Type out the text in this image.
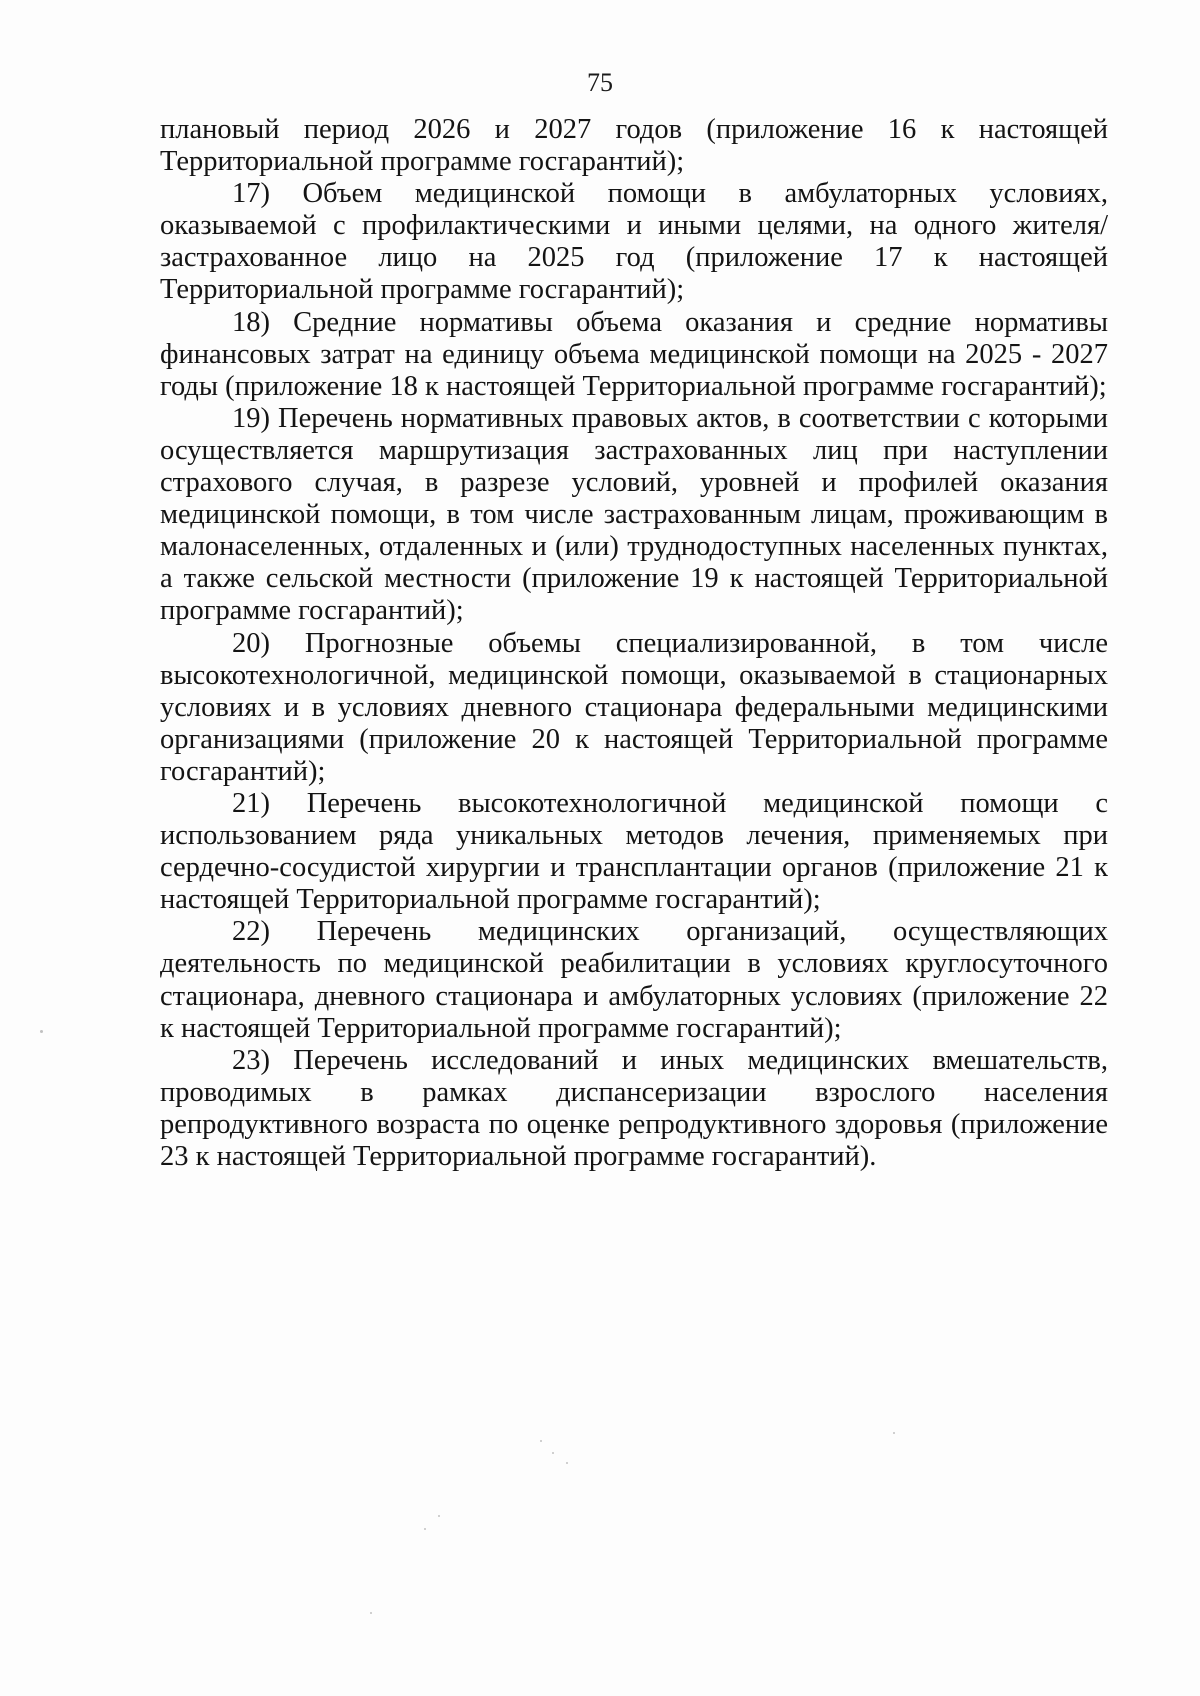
75

плановый период 2026 и 2027 годов (приложение 16 к настоящей Территориальной программе госгарантий);

17) Объем медицинской помощи в амбулаторных условиях, оказываемой с профилактическими и иными целями, на одного жителя/застрахованное лицо на 2025 год (приложение 17 к настоящей Территориальной программе госгарантий);

18) Средние нормативы объема оказания и средние нормативы финансовых затрат на единицу объема медицинской помощи на 2025 - 2027 годы (приложение 18 к настоящей Территориальной программе госгарантий);

19) Перечень нормативных правовых актов, в соответствии с которыми осуществляется маршрутизация застрахованных лиц при наступлении страхового случая, в разрезе условий, уровней и профилей оказания медицинской помощи, в том числе застрахованным лицам, проживающим в малонаселенных, отдаленных и (или) труднодоступных населенных пунктах, а также сельской местности (приложение 19 к настоящей Территориальной программе госгарантий);

20) Прогнозные объемы специализированной, в том числе высокотехнологичной, медицинской помощи, оказываемой в стационарных условиях и в условиях дневного стационара федеральными медицинскими организациями (приложение 20 к настоящей Территориальной программе госгарантий);

21) Перечень высокотехнологичной медицинской помощи с использованием ряда уникальных методов лечения, применяемых при сердечно-сосудистой хирургии и трансплантации органов (приложение 21 к настоящей Территориальной программе госгарантий);

22) Перечень медицинских организаций, осуществляющих деятельность по медицинской реабилитации в условиях круглосуточного стационара, дневного стационара и амбулаторных условиях (приложение 22 к настоящей Территориальной программе госгарантий);

23) Перечень исследований и иных медицинских вмешательств, проводимых в рамках диспансеризации взрослого населения репродуктивного возраста по оценке репродуктивного здоровья (приложение 23 к настоящей Территориальной программе госгарантий).
